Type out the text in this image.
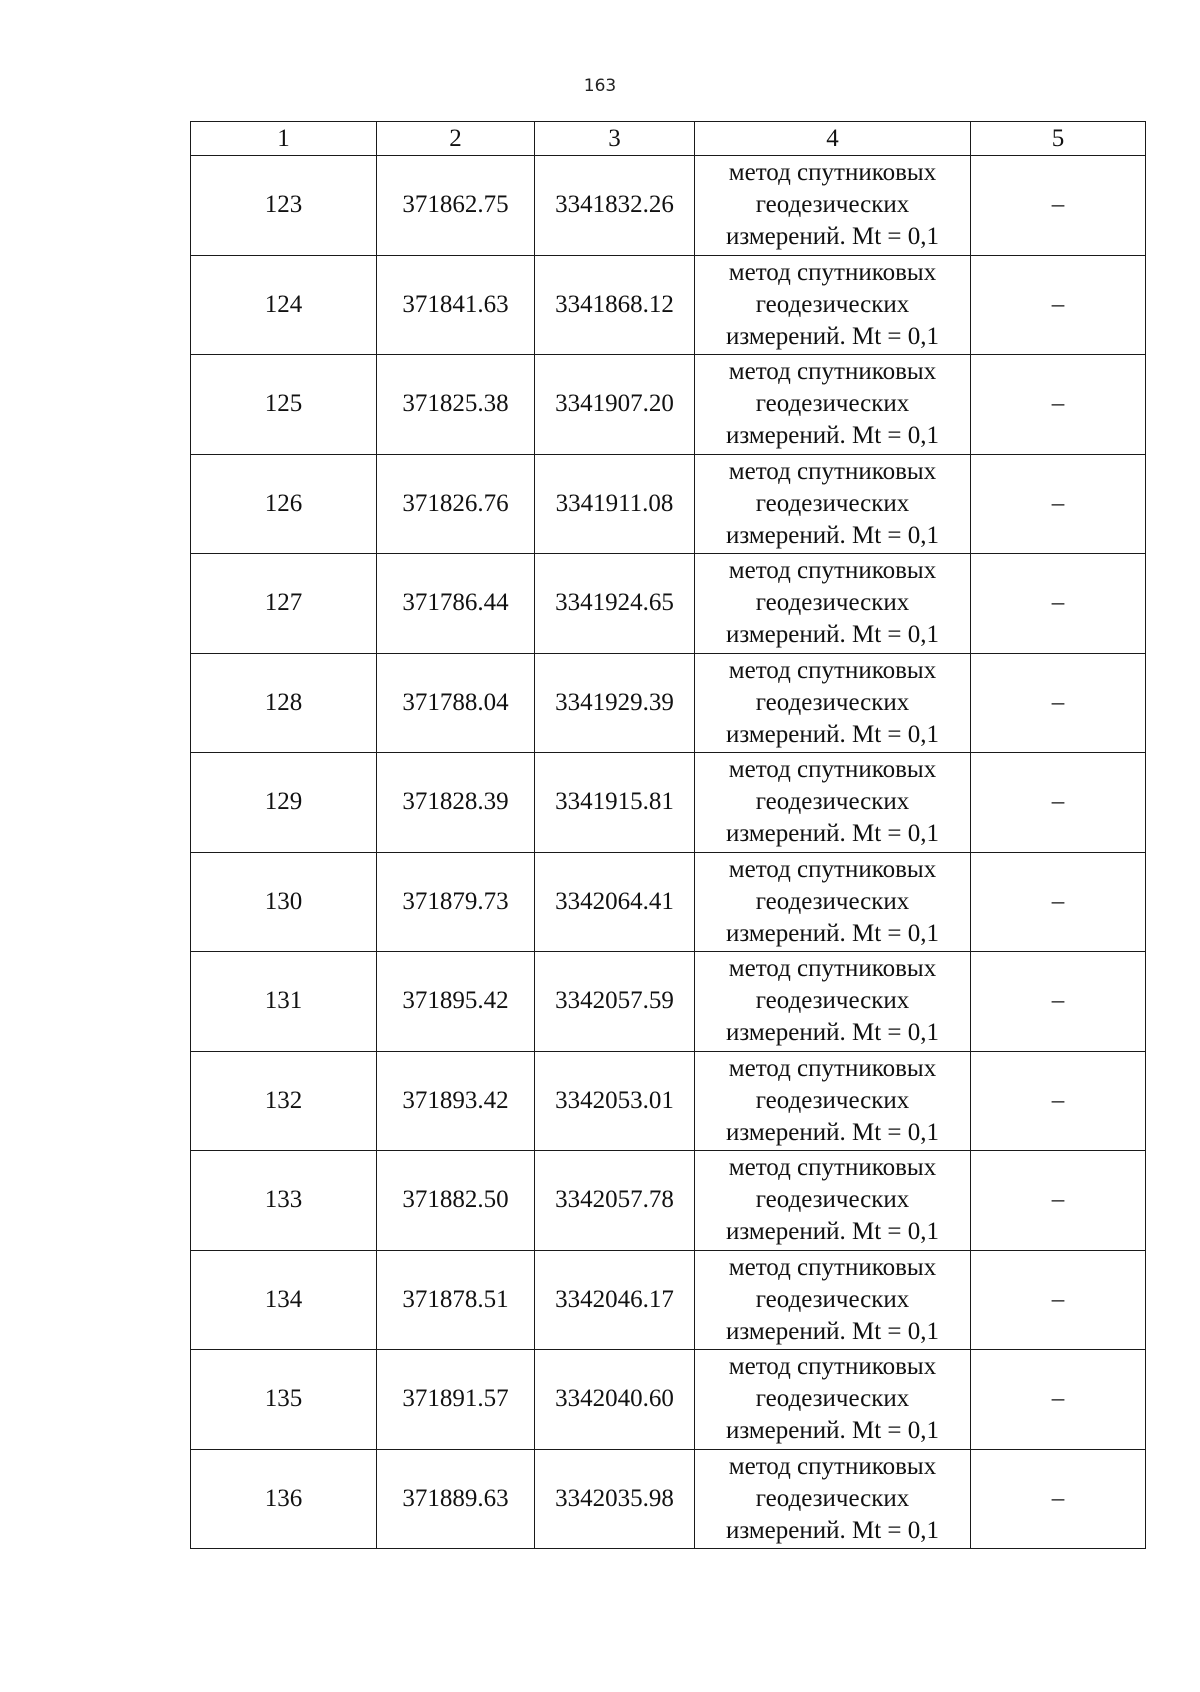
163
1	2	3	4	5
123	371862.75	3341832.26	метод спутниковых
геодезических
измерений. Mt = 0,1	–
124	371841.63	3341868.12	метод спутниковых
геодезических
измерений. Mt = 0,1	–
125	371825.38	3341907.20	метод спутниковых
геодезических
измерений. Mt = 0,1	–
126	371826.76	3341911.08	метод спутниковых
геодезических
измерений. Mt = 0,1	–
127	371786.44	3341924.65	метод спутниковых
геодезических
измерений. Mt = 0,1	–
128	371788.04	3341929.39	метод спутниковых
геодезических
измерений. Mt = 0,1	–
129	371828.39	3341915.81	метод спутниковых
геодезических
измерений. Mt = 0,1	–
130	371879.73	3342064.41	метод спутниковых
геодезических
измерений. Mt = 0,1	–
131	371895.42	3342057.59	метод спутниковых
геодезических
измерений. Mt = 0,1	–
132	371893.42	3342053.01	метод спутниковых
геодезических
измерений. Mt = 0,1	–
133	371882.50	3342057.78	метод спутниковых
геодезических
измерений. Mt = 0,1	–
134	371878.51	3342046.17	метод спутниковых
геодезических
измерений. Mt = 0,1	–
135	371891.57	3342040.60	метод спутниковых
геодезических
измерений. Mt = 0,1	–
136	371889.63	3342035.98	метод спутниковых
геодезических
измерений. Mt = 0,1	–
